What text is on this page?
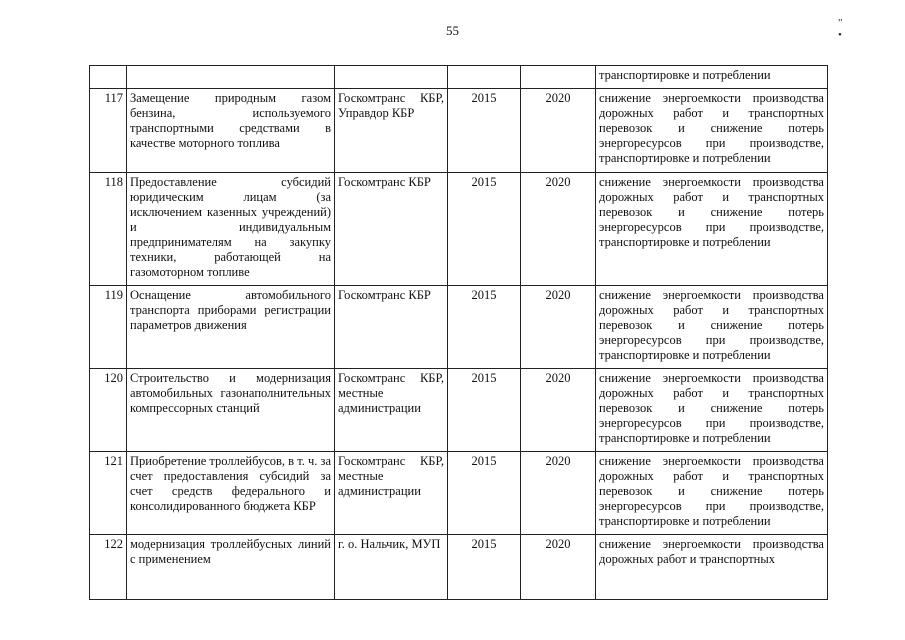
55	" •
					транспортировке и потреблении
117	Замещение природным газом бензина, используемого транспортными средствами в качестве моторного топлива	Госкомтранс КБР, Управдор КБР	2015	2020	снижение энергоемкости производства дорожных работ и транспортных перевозок и снижение потерь энергоресурсов при производстве, транспортировке и потреблении
118	Предоставление субсидий юридическим лицам (за исключением казенных учреждений) и индивидуальным предпринимателям на закупку техники, работающей на газомоторном топливе	Госкомтранс КБР	2015	2020	снижение энергоемкости производства дорожных работ и транспортных перевозок и снижение потерь энергоресурсов при производстве, транспортировке и потреблении
119	Оснащение автомобильного транспорта приборами регистрации параметров движения	Госкомтранс КБР	2015	2020	снижение энергоемкости производства дорожных работ и транспортных перевозок и снижение потерь энергоресурсов при производстве, транспортировке и потреблении
120	Строительство и модернизация автомобильных газонаполнительных компрессорных станций	Госкомтранс КБР, местные администрации	2015	2020	снижение энергоемкости производства дорожных работ и транспортных перевозок и снижение потерь энергоресурсов при производстве, транспортировке и потреблении
121	Приобретение троллейбусов, в т. ч. за счет предоставления субсидий за счет средств федерального и консолидированного бюджета КБР	Госкомтранс КБР, местные администрации	2015	2020	снижение энергоемкости производства дорожных работ и транспортных перевозок и снижение потерь энергоресурсов при производстве, транспортировке и потреблении
122	модернизация троллейбусных линий с применением	г. о. Нальчик, МУП	2015	2020	снижение энергоемкости производства дорожных работ и транспортных
